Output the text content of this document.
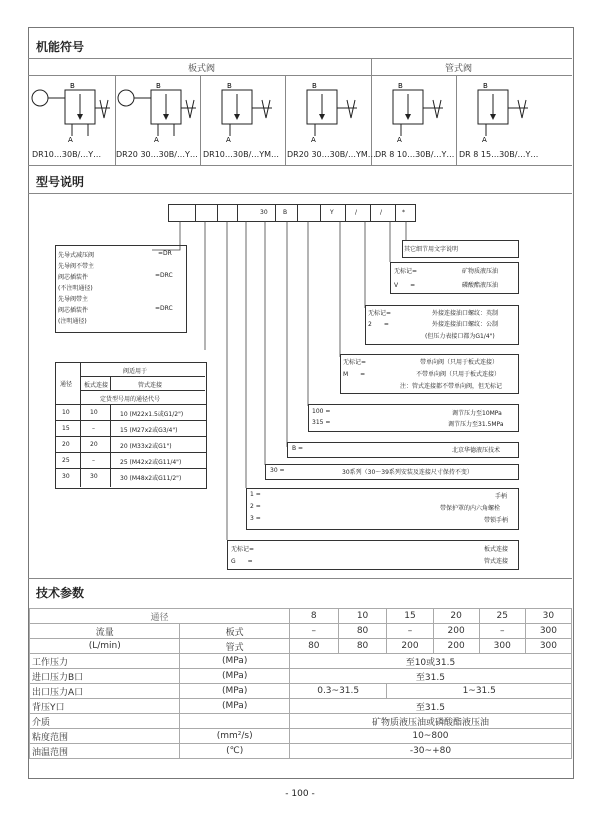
机能符号
板式阀	管式阀
A
B
A
B
A
B
A
B
A
B
A
B
DR10…30B/…Y… DR20 30…30B/…Y… DR10…30B/…YM… DR20 30…30B/…YM… DR 8 10…30B/…Y… DR 8 15…30B/…Y…
型号说明
30	B	Y	/	/	*
其它细节用文字说明
无标记=	矿物质液压油
V　　=	磷酸酯液压油
无标记=	外接连接油口螺纹：英制
2　　=	外接连接油口螺纹：公制
(但压力表接口都为G1/4")
无标记=	带单向阀（只用于板式连接）
M　　=	不带单向阀（只用于板式连接）
注：管式连接都不带单向阀，但无标记
100 =	调节压力至10MPa
315 =	调节压力至31.5MPa
B =	北京华德液压技术
30 =	30系列（30～39系列安装及连接尺寸保持不变）
1 =	手柄
2 =	带保护罩的内六角螺栓
3 =	带锁手柄
无标记=	板式连接
G　　=	管式连接
先导式减压阀	=DR
先导阀不带主
阀芯插装件	=DRC
(不注明通径)
先导阀带主
阀芯插装件	=DRC
(注明通径)
通径
阀适用于
板式连接	管式连接
定货型号用的通径代号
10	10	10 (M22x1.5或G1/2")
15	–	15 (M27x2或G3/4")
20	20	20 (M33x2或G1")
25	–	25 (M42x2或G11/4")
30	30	30 (M48x2或G11/2")
技术参数
通径		8	10	15	20	25	30
流量	板式	–	80	–	200	–	300
(L/min)	管式	80	80	200	200	300	300
工作压力	(MPa)	至10或31.5					
进口压力B口	(MPa)	至31.5					
出口压力A口	(MPa)	0.3~31.5		1~31.5			
背压Y口	(MPa)	至31.5					
介质		矿物质液压油或磷酸酯液压油					
粘度范围	(mm²/s)	10~800					
油温范围	(℃)	-30~+80					
- 100 -
